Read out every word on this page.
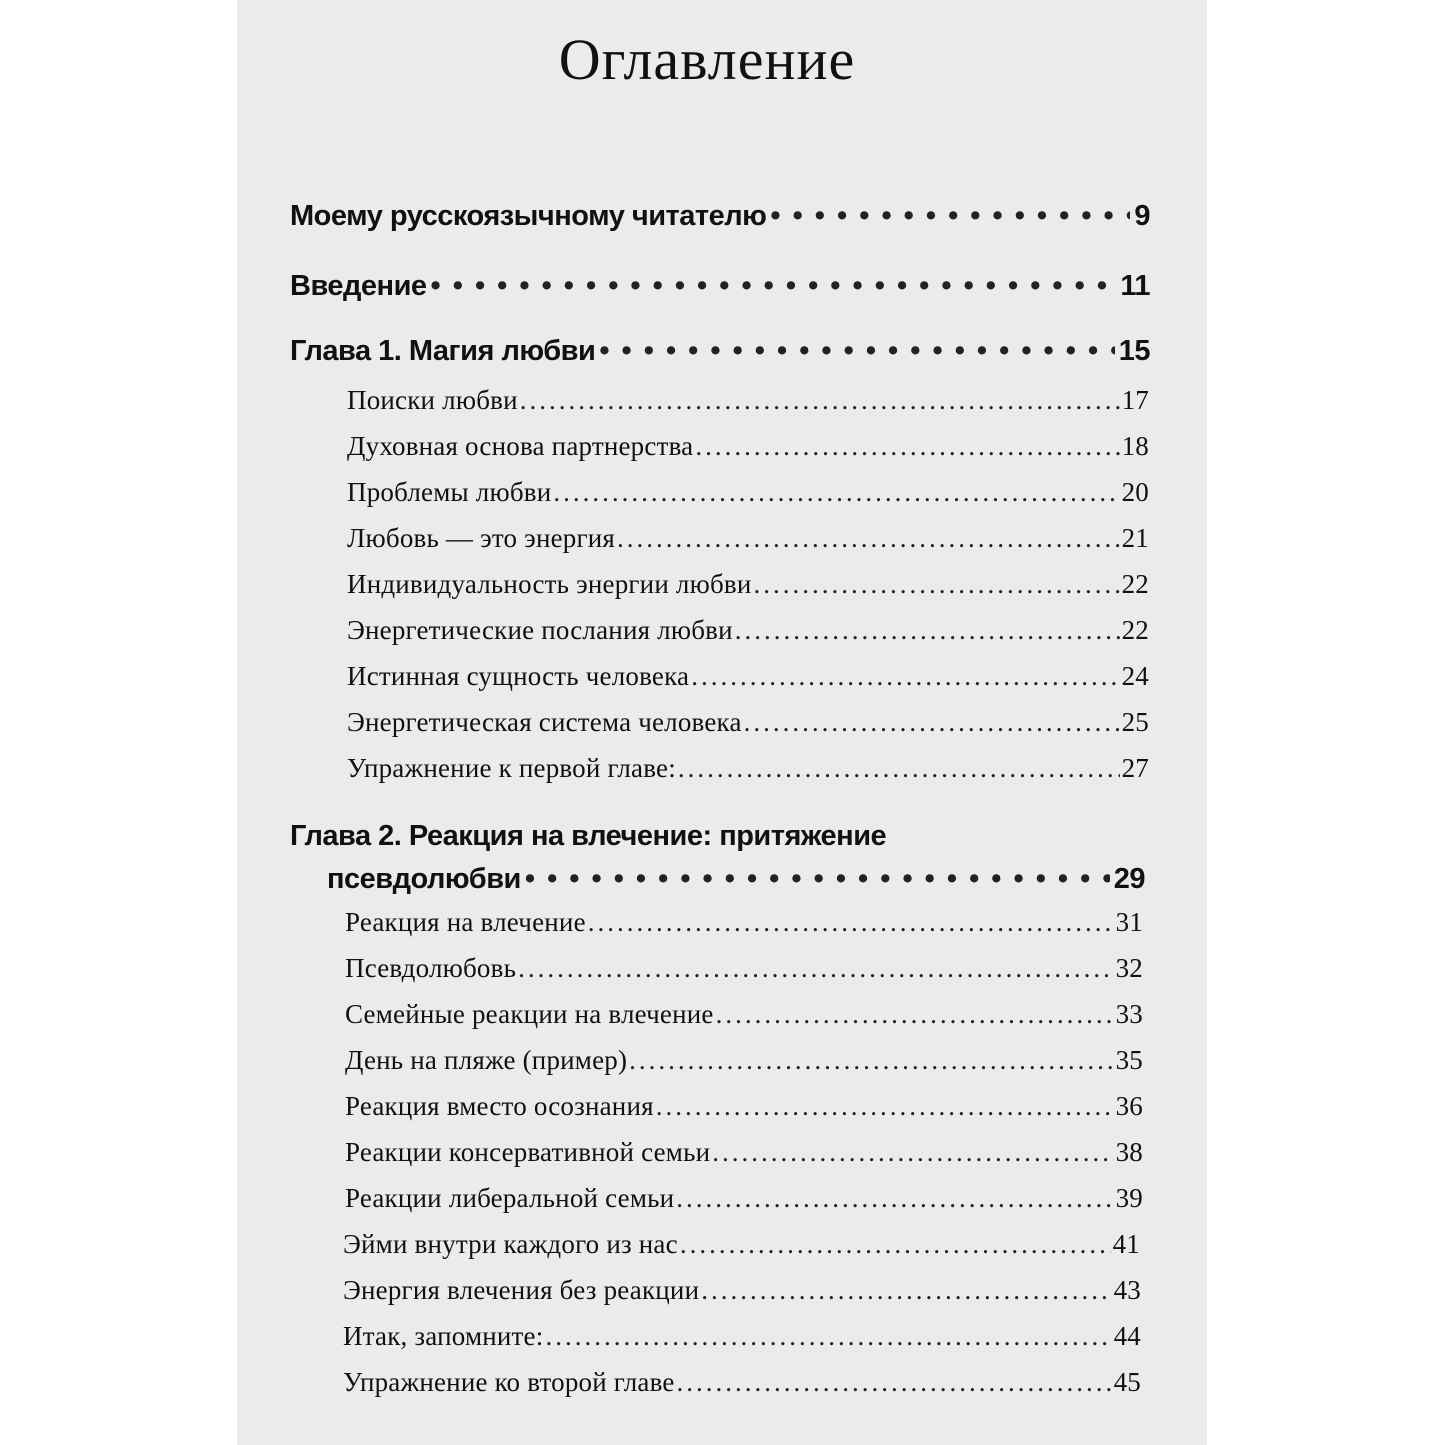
Оглавление
Моему русскоязычному читателю • •	9
Введение • •	11
Глава 1. Магия любви • •	15
Поиски любви .....	17
Духовная основа партнерства .....	18
Проблемы любви .....	20
Любовь — это энергия .....	21
Индивидуальность энергии любви .....	22
Энергетические послания любви .....	22
Истинная сущность человека .....	24
Энергетическая система человека .....	25
Упражнение к первой главе: .....	27
Глава 2. Реакция на влечение: притяжение
псевдолюбви • •	29
Реакция на влечение .....	31
Псевдолюбовь .....	32
Семейные реакции на влечение .....	33
День на пляже (пример) .....	35
Реакция вместо осознания .....	36
Реакции консервативной семьи .....	38
Реакции либеральной семьи .....	39
Эйми внутри каждого из нас .....	41
Энергия влечения без реакции .....	43
Итак, запомните: .....	44
Упражнение ко второй главе .....	45
